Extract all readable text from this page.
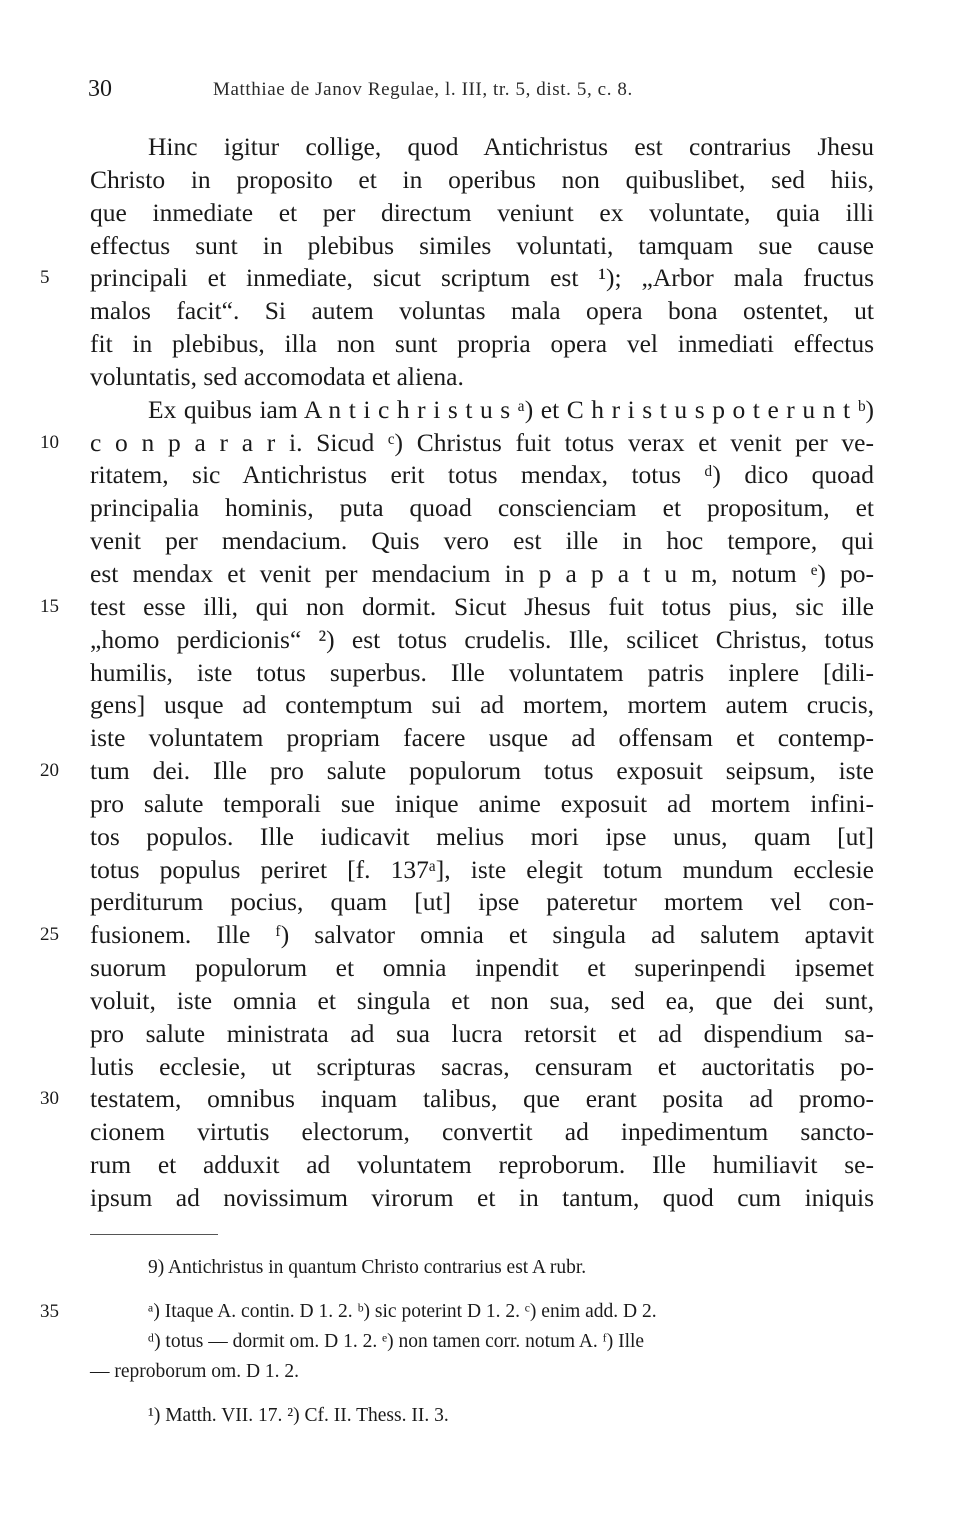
30	Matthiae de Janov Regulae, l. III, tr. 5, dist. 5, c. 8.
Hinc igitur collige, quod Antichristus est contrarius Jhesu
Christo in proposito et in operibus non quibuslibet, sed hiis,
que inmediate et per directum veniunt ex voluntate, quia illi
effectus sunt in plebibus similes voluntati, tamquam sue cause
5	principali et inmediate, sicut scriptum est ¹); „Arbor mala fructus
malos facit“. Si autem voluntas mala opera bona ostentet, ut
fit in plebibus, illa non sunt propria opera vel inmediati effectus
voluntatis, sed accomodata et aliena.
Ex quibus iam A n t i c h r i s t u s ᵃ) et C h r i s t u s p o t e r u n t ᵇ)
10	c o n p a r a r i. Sicud ᶜ) Christus fuit totus verax et venit per ve-
ritatem, sic Antichristus erit totus mendax, totus ᵈ) dico quoad
principalia hominis, puta quoad conscienciam et propositum, et
venit per mendacium. Quis vero est ille in hoc tempore, qui
est mendax et venit per mendacium in p a p a t u m, notum ᵉ) po-
15	test esse illi, qui non dormit. Sicut Jhesus fuit totus pius, sic ille
„homo perdicionis“ ²) est totus crudelis. Ille, scilicet Christus, totus
humilis, iste totus superbus. Ille voluntatem patris inplere [dili-
gens] usque ad contemptum sui ad mortem, mortem autem crucis,
iste voluntatem propriam facere usque ad offensam et contemp-
20	tum dei. Ille pro salute populorum totus exposuit seipsum, iste
pro salute temporali sue inique anime exposuit ad mortem infini-
tos populos. Ille iudicavit melius mori ipse unus, quam [ut]
totus populus periret [f. 137ᵃ], iste elegit totum mundum ecclesie
perditurum pocius, quam [ut] ipse pateretur mortem vel con-
25	fusionem. Ille ᶠ) salvator omnia et singula ad salutem aptavit
suorum populorum et omnia inpendit et superinpendi ipsemet
voluit, iste omnia et singula et non sua, sed ea, que dei sunt,
pro salute ministrata ad sua lucra retorsit et ad dispendium sa-
lutis ecclesie, ut scripturas sacras, censuram et auctoritatis po-
30	testatem, omnibus inquam talibus, que erant posita ad promo-
cionem virtutis electorum, convertit ad inpedimentum sancto-
rum et adduxit ad voluntatem reproborum. Ille humiliavit se-
ipsum ad novissimum virorum et in tantum, quod cum iniquis
9) Antichristus in quantum Christo contrarius est A rubr.
35	ᵃ) Itaque A. contin. D 1. 2. ᵇ) sic poterint D 1. 2. ᶜ) enim add. D 2.
ᵈ) totus — dormit om. D 1. 2. ᵉ) non tamen corr. notum A. ᶠ) Ille
— reproborum om. D 1. 2.
¹) Matth. VII. 17. ²) Cf. II. Thess. II. 3.
